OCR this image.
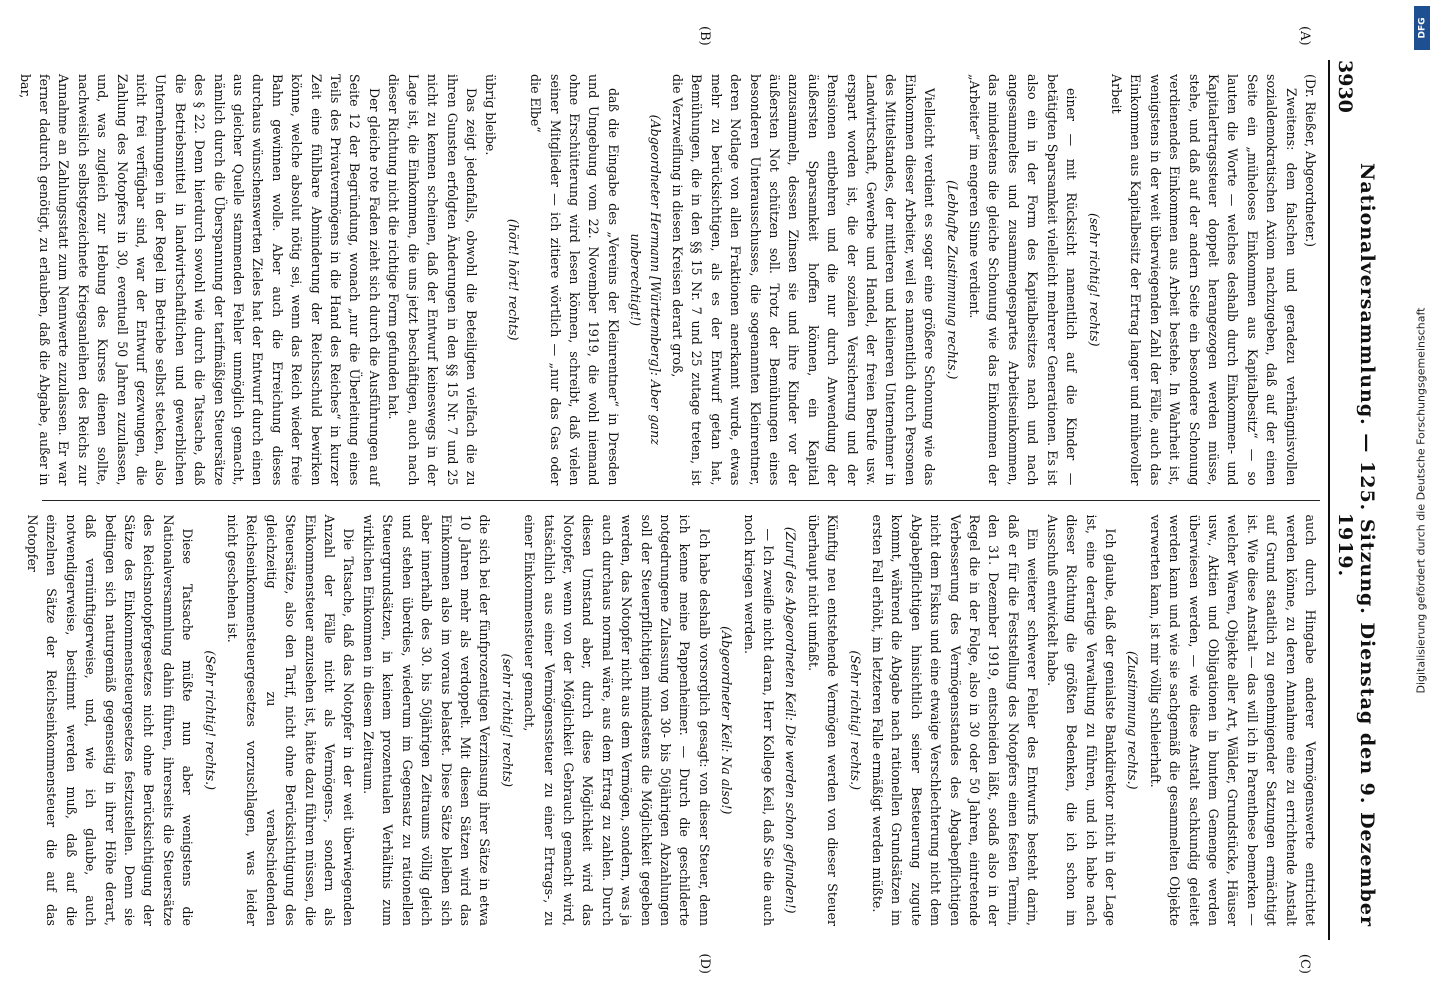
3930
Nationalversammlung. — 125. Sitzung. Dienstag den 9. Dezember 1919.
(A)
(B)
(C)
(D)

(Dr. Rießer, Abgeordneter.)

Zweitens: dem falschen und geradezu verhängnisvollen sozialdemokratischen Axiom nachzugeben, daß auf der einen Seite ein „müheloses Einkommen aus Kapitalbesitz“ — so lauten die Worte — welches deshalb durch Einkommen- und Kapitalertragssteuer doppelt herangezogen werden müsse, stehe, und daß auf der andern Seite ein besondere Schonung verdienendes Einkommen aus Arbeit bestehe. In Wahrheit ist, wenigstens in der weit überwiegenden Zahl der Fälle, auch das Einkommen aus Kapitalbesitz der Ertrag langer und mühevoller Arbeit

(sehr richtig! rechts)

einer — mit Rücksicht namentlich auf die Kinder — betätigten Sparsamkeit vielleicht mehrerer Generationen. Es ist also ein in der Form des Kapitalbesitzes nach und nach angesammeltes und zusammengespartes Arbeitseinkommen, das mindestens die gleiche Schonung wie das Einkommen der „Arbeiter“ im engeren Sinne verdient.

(Lebhafte Zustimmung rechts.)

Vielleicht verdient es sogar eine größere Schonung wie das Einkommen dieser Arbeiter, weil es namentlich durch Personen des Mittelstandes, der mittleren und kleineren Unternehmer in Landwirtschaft, Gewerbe und Handel, der freien Berufe usw. erspart worden ist, die der sozialen Versicherung und der Pensionen entbehren und die nur durch Anwendung der äußersten Sparsamkeit hoffen können, ein Kapital anzusammeln, dessen Zinsen sie und ihre Kinder vor der äußersten Not schützen soll. Trotz der Bemühungen eines besonderen Unterausschusses, die sogenannten Kleinrentner, deren Notlage von allen Fraktionen anerkannt wurde, etwas mehr zu berücksichtigen, als es der Entwurf getan hat, Bemühungen, die in den §§ 15 Nr. 7 und 25 zutage treten, ist die Verzweiflung in diesen Kreisen derart groß,

(Abgeordneter Hermann [Württemberg]: Aber ganz unberechtigt!)

daß die Eingabe des „Vereins der Kleinrentner“ in Dresden und Umgebung vom 22. November 1919, die wohl niemand ohne Erschütterung wird lesen können, schreibt, daß vielen seiner Mitglieder — ich zitiere wörtlich — „nur das Gas oder die Elbe“

(hört! hört! rechts)

übrig bleibe.

Das zeigt jedenfalls, obwohl die Beteiligten vielfach die zu ihren Gunsten erfolgten Änderungen in den §§ 15 Nr. 7 und 25 nicht zu kennen scheinen, daß der Entwurf keineswegs in der Lage ist, die Einkommen, die uns jetzt beschäftigen, auch nach dieser Richtung nicht die richtige Form gefunden hat.

Der gleiche rote Faden zieht sich durch die Ausführungen auf Seite 12 der Begründung, wonach „nur die Überleitung eines Teils des Privatvermögens in die Hand des Reiches“ in kurzer Zeit eine fühlbare Abminderung der Reichsschuld bewirken könne, welche absolut nötig sei, wenn das Reich wieder freie Bahn gewinnen wolle. Aber auch die Erreichung dieses durchaus wünschenswerten Zieles hat der Entwurf durch einen aus gleicher Quelle stammenden Fehler unmöglich gemacht, nämlich durch die Überspannung der tarifmäßigen Steuersätze des § 22. Denn hierdurch sowohl wie durch die Tatsache, daß die Betriebsmittel in landwirtschaftlichen und gewerblichen Unternehmungen in der Regel im Betriebe selbst stecken, also nicht frei verfügbar sind, war der Entwurf gezwungen, die Zahlung des Notopfers in 30, eventuell 50 Jahren zuzulassen, und, was zugleich zur Hebung des Kurses dienen sollte, nachweislich selbstgezeichnete Kriegsanleihen des Reichs zur Annahme an Zahlungsstatt zum Nennwerte zuzulassen. Er war ferner dadurch genötigt, zu erlauben, daß die Abgabe, außer in bar,

auch durch Hingabe anderer Vermögenswerte entrichtet werden könne, zu deren Annahme eine zu errichtende Anstalt auf Grund staatlich zu genehmigender Satzungen ermächtigt ist. Wie diese Anstalt — das will ich in Parenthese bemerken — welcher Waren, Objekte aller Art, Wälder, Grundstücke, Häuser usw., Aktien und Obligationen in buntem Gemenge werden überwiesen werden, — wie diese Anstalt sachkundig geleitet werden kann und wie sie sachgemäß die gesammelten Objekte verwerten kann, ist mir völlig schleierhaft.

(Zustimmung rechts.)

Ich glaube, daß der genialste Bankdirektor nicht in der Lage ist, eine derartige Verwaltung zu führen, und ich habe nach dieser Richtung die größten Bedenken, die ich schon im Ausschuß entwickelt habe.

Ein weiterer schwerer Fehler des Entwurfs besteht darin, daß er für die Feststellung des Notopfers einen festen Termin, den 31. Dezember 1919, entscheiden läßt, sodaß also in der Regel die in der Folge, also in 30 oder 50 Jahren, eintretende Verbesserung des Vermögensstandes des Abgabepflichtigen nicht dem Fiskus und eine etwaige Verschlechterung nicht dem Abgabepflichtigen hinsichtlich seiner Besteuerung zugute kommt, während die Abgabe nach rationellen Grundsätzen im ersten Fall erhöht, im letzteren Falle ermäßigt werden müßte.

(Sehr richtig! rechts.)

Künftig neu entstehende Vermögen werden von dieser Steuer überhaupt nicht umfaßt.

(Zuruf des Abgeordneten Keil: Die werden schon gefunden!)

— Ich zweifle nicht daran, Herr Kollege Keil, daß Sie die auch noch kriegen werden.

(Abgeordneter Keil: Na also!)

Ich habe deshalb vorsorglich gesagt: von dieser Steuer, denn ich kenne meine Pappenheimer. — Durch die geschilderte notgedrungene Zulassung von 30- bis 50jährigen Abzahlungen soll der Steuerpflichtigen mindestens die Möglichkeit gegeben werden, das Notopfer nicht aus dem Vermögen, sondern, was ja auch durchaus normal wäre, aus dem Ertrag zu zahlen. Durch diesen Umstand aber, durch diese Möglichkeit wird das Notopfer, wenn von der Möglichkeit Gebrauch gemacht wird, tatsächlich aus einer Vermögenssteuer zu einer Ertrags-, zu einer Einkommensteuer gemacht,

(sehr richtig! rechts)

die sich bei der fünfprozentigen Verzinsung ihrer Sätze in etwa 10 Jahren mehr als verdoppelt. Mit diesen Sätzen wird das Einkommen also im voraus belastet. Diese Sätze bleiben sich aber innerhalb des 30. bis 50jährigen Zeitraums völlig gleich und stehen überdies, wiederum im Gegensatz zu rationellen Steuergrundsätzen, in keinem prozentualen Verhältnis zum wirklichen Einkommen in diesem Zeitraum.

Die Tatsache, daß das Notopfer in der weit überwiegenden Anzahl der Fälle nicht als Vermögens-, sondern als Einkommensteuer anzusehen ist, hätte dazu führen müssen, die Steuersätze, also den Tarif, nicht ohne Berücksichtigung des gleichzeitig zu verabschiedenden Reichseinkommensteuergesetzes vorzuschlagen, was leider nicht geschehen ist.

(Sehr richtig! rechts.)

Diese Tatsache müßte nun aber wenigstens die Nationalversammlung dahin führen, ihrerseits die Steuersätze des Reichsnotopfergesetzes nicht ohne Berücksichtigung der Sätze des Einkommensteuergesetzes festzustellen. Denn sie bedingen sich naturgemäß gegenseitig in ihrer Höhe derart, daß vernünftigerweise, und, wie ich glaube, auch notwendigerweise, bestimmt werden muß, daß auf die einzelnen Sätze der Reichseinkommensteuer die auf das Notopfer	Digitalisierung gefördert durch die Deutsche Forschungsgemeinschaft
DFG
